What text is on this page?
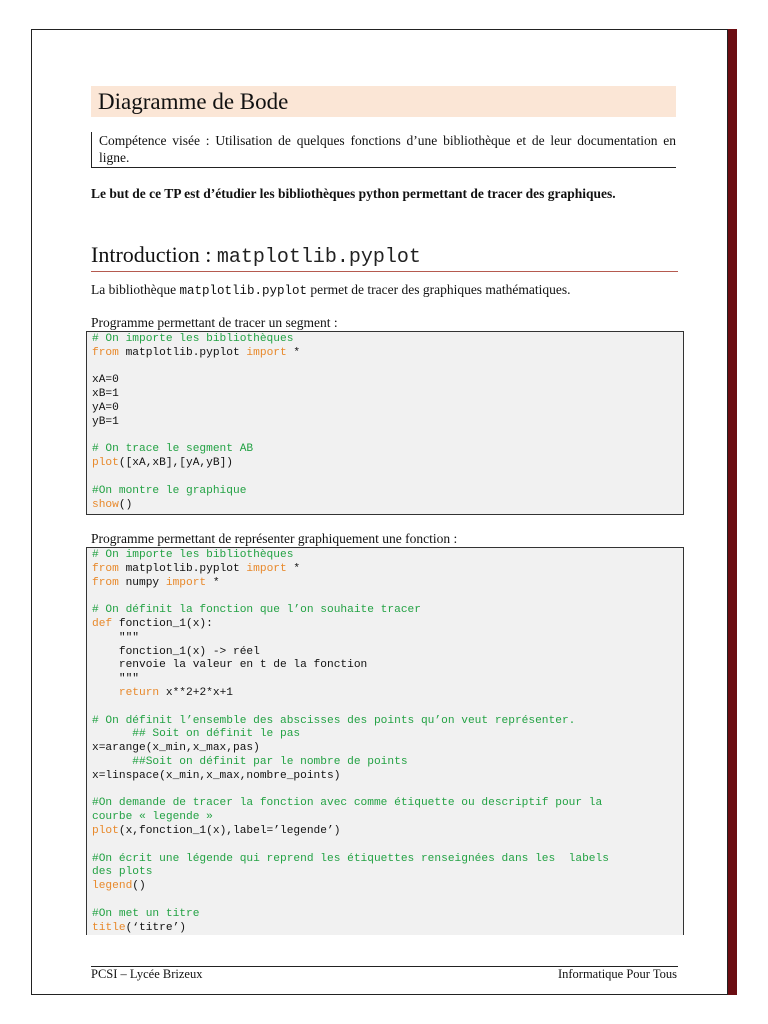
Diagramme de Bode
Compétence visée : Utilisation de quelques fonctions d’une bibliothèque et de leur documentation en ligne.
Le but de ce TP est d’étudier les bibliothèques python permettant de tracer des graphiques.
Introduction : matplotlib.pyplot
La bibliothèque matplotlib.pyplot permet de tracer des graphiques mathématiques.
Programme permettant de tracer un segment :
# On importe les bibliothèques
from matplotlib.pyplot import *
xA=0
xB=1
yA=0
yB=1
# On trace le segment AB
plot([xA,xB],[yA,yB])
#On montre le graphique
show()
Programme permettant de représenter graphiquement une fonction :
# On importe les bibliothèques
from matplotlib.pyplot import *
from numpy import *
# On définit la fonction que l’on souhaite tracer
def fonction_1(x):
"""
fonction_1(x) -> réel
renvoie la valeur en t de la fonction
"""
return x**2+2*x+1
# On définit l’ensemble des abscisses des points qu’on veut représenter.
## Soit on définit le pas
x=arange(x_min,x_max,pas)
##Soit on définit par le nombre de points
x=linspace(x_min,x_max,nombre_points)
#On demande de tracer la fonction avec comme étiquette ou descriptif pour la
courbe « legende »
plot(x,fonction_1(x),label=’legende’)
#On écrit une légende qui reprend les étiquettes renseignées dans les  labels
des plots
legend()
#On met un titre
title(‘titre’)
PCSI – Lycée Brizeux	Informatique Pour Tous
